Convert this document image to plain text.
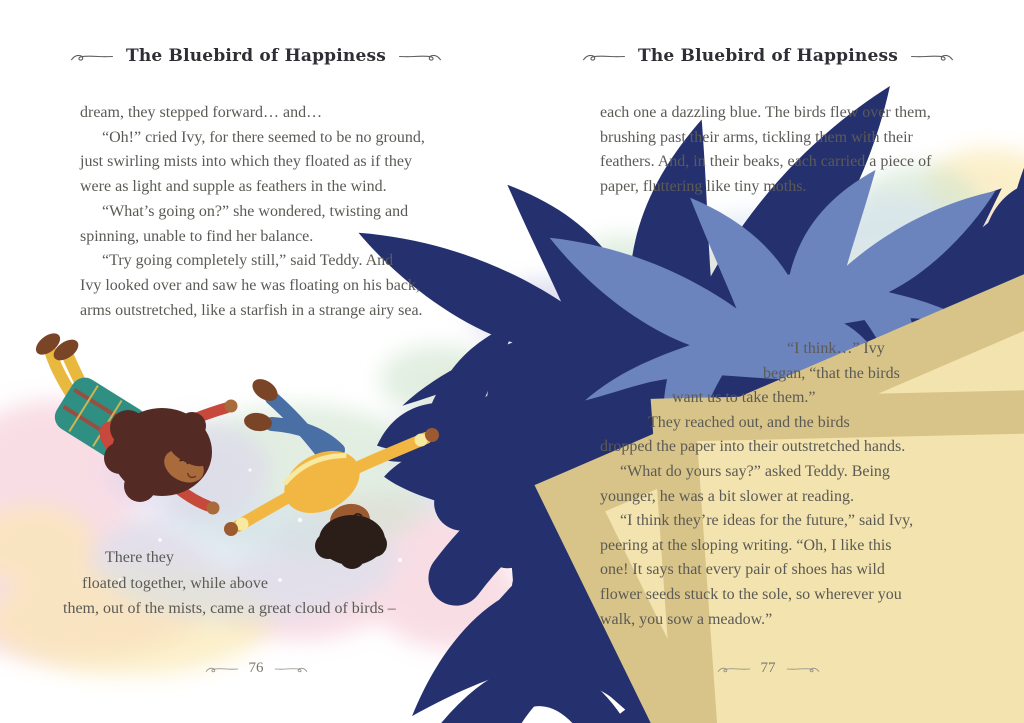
The Bluebird of Happiness	The Bluebird of Happiness
dream, they stepped forward… and…
“Oh!” cried Ivy, for there seemed to be no ground,
just swirling mists into which they floated as if they
were as light and supple as feathers in the wind.
“What’s going on?” she wondered, twisting and
spinning, unable to find her balance.
“Try going completely still,” said Teddy. And
Ivy looked over and saw he was floating on his back,
arms outstretched, like a starfish in a strange airy sea.
There they
floated together, while above
them, out of the mists, came a great cloud of birds –
each one a dazzling blue. The birds flew over them,
brushing past their arms, tickling them with their
feathers. And, in their beaks, each carried a piece of
paper, fluttering like tiny moths.
“I think…” Ivy
began, “that the birds
want us to take them.”
They reached out, and the birds
dropped the paper into their outstretched hands.
“What do yours say?” asked Teddy. Being
younger, he was a bit slower at reading.
“I think they’re ideas for the future,” said Ivy,
peering at the sloping writing. “Oh, I like this
one! It says that every pair of shoes has wild
flower seeds stuck to the sole, so wherever you
walk, you sow a meadow.”
76	77
